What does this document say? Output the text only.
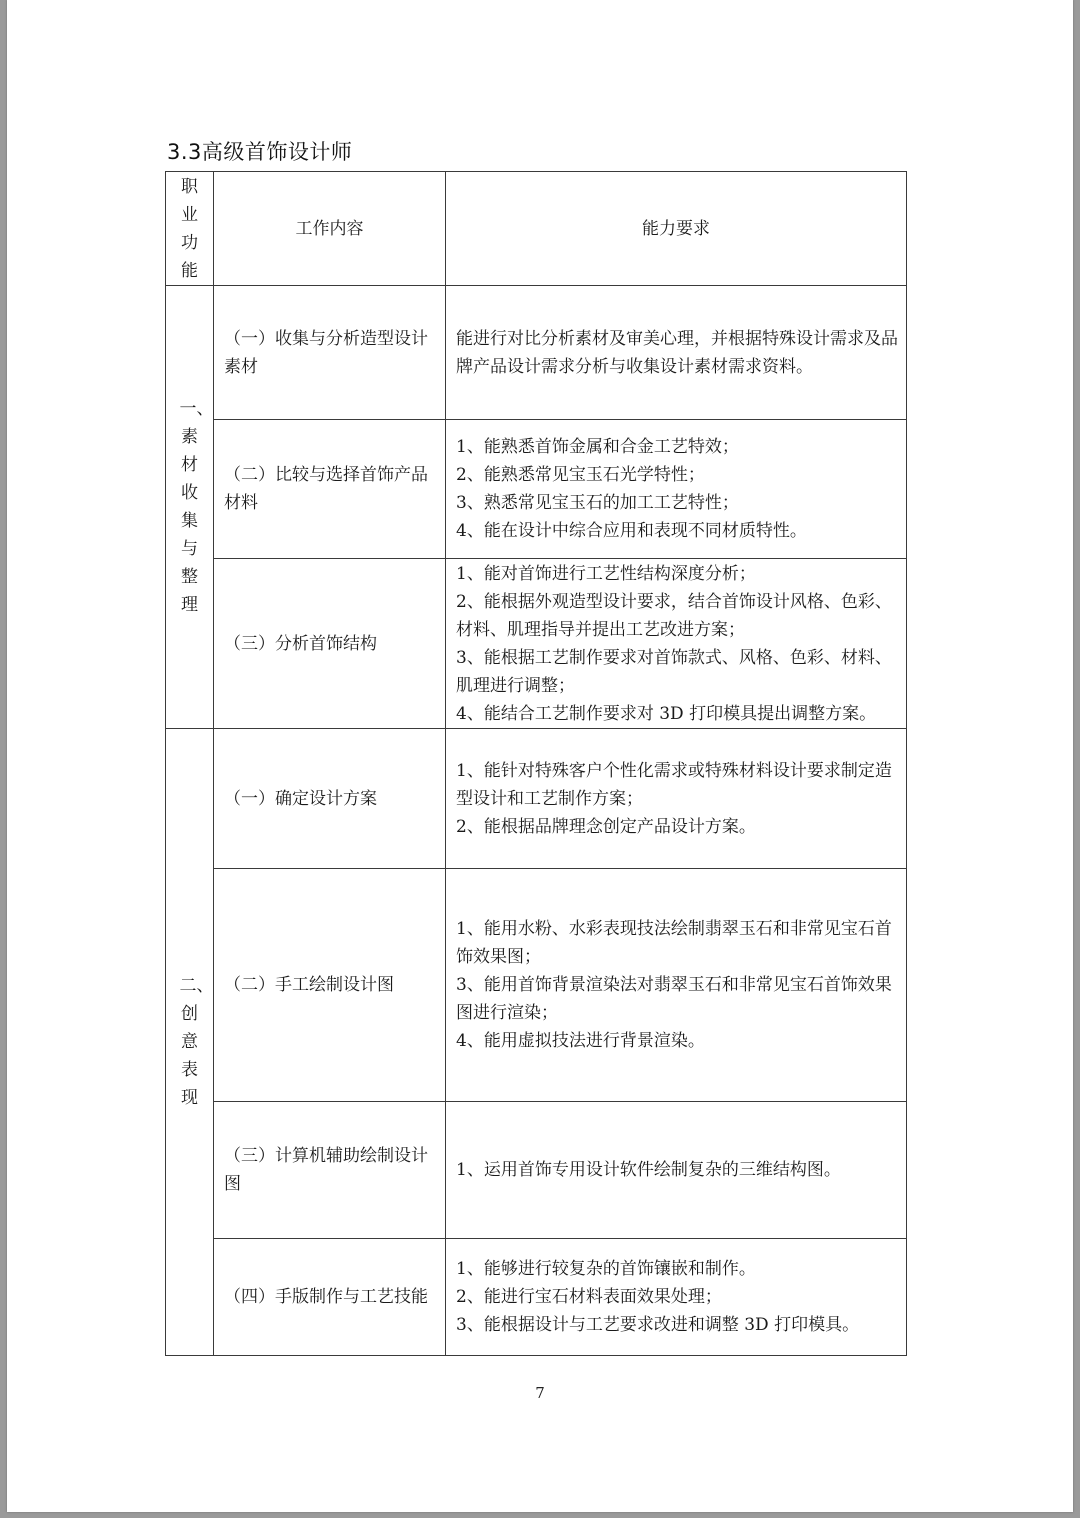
3.3高级首饰设计师
职业功能	工作内容	能力要求

一、素材收集与整理	（一）收集与分析造型设计素材	能进行对比分析素材及审美心理，并根据特殊设计需求及品牌产品设计需求分析与收集设计素材需求资料。

	（二）比较与选择首饰产品材料	1、能熟悉首饰金属和合金工艺特效；
2、能熟悉常见宝玉石光学特性；
3、熟悉常见宝玉石的加工工艺特性；
4、能在设计中综合应用和表现不同材质特性。

	（三）分析首饰结构	1、能对首饰进行工艺性结构深度分析；
2、能根据外观造型设计要求，结合首饰设计风格、色彩、材料、肌理指导并提出工艺改进方案；
3、能根据工艺制作要求对首饰款式、风格、色彩、材料、肌理进行调整；
4、能结合工艺制作要求对 3D 打印模具提出调整方案。

二、创意表现	（一）确定设计方案	1、能针对特殊客户个性化需求或特殊材料设计要求制定造型设计和工艺制作方案；
2、能根据品牌理念创定产品设计方案。

	（二）手工绘制设计图	1、能用水粉、水彩表现技法绘制翡翠玉石和非常见宝石首饰效果图；
3、能用首饰背景渲染法对翡翠玉石和非常见宝石首饰效果图进行渲染；
4、能用虚拟技法进行背景渲染。

	（三）计算机辅助绘制设计图	1、运用首饰专用设计软件绘制复杂的三维结构图。

	（四）手版制作与工艺技能	1、能够进行较复杂的首饰镶嵌和制作。
2、能进行宝石材料表面效果处理；
3、能根据设计与工艺要求改进和调整 3D 打印模具。
7
